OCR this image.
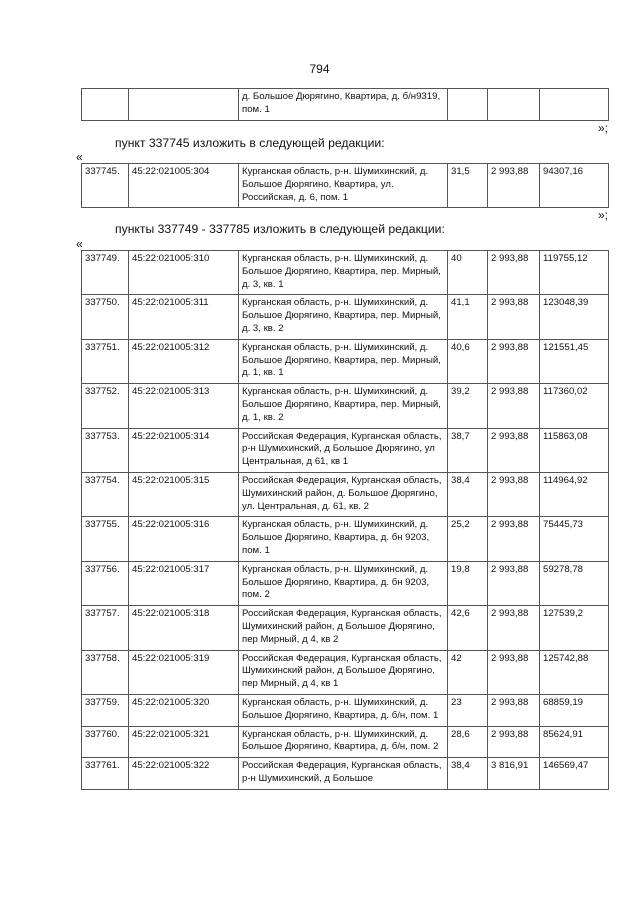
794
		д. Большое Дюрягино, Квартира, д. б/н9319, пом. 1			
»;
пункт 337745 изложить в следующей редакции:
«
337745.	45:22:021005:304	Курганская область, р-н. Шумихинский, д. Большое Дюрягино, Квартира, ул. Российская, д. 6, пом. 1	31,5	2 993,88	94307,16
»;
пункты 337749 - 337785 изложить в следующей редакции:
«
337749.	45:22:021005:310	Курганская область, р-н. Шумихинский, д. Большое Дюрягино, Квартира, пер. Мирный, д. 3, кв. 1	40	2 993,88	119755,12
337750.	45:22:021005:311	Курганская область, р-н. Шумихинский, д. Большое Дюрягино, Квартира, пер. Мирный, д. 3, кв. 2	41,1	2 993,88	123048,39
337751.	45:22:021005:312	Курганская область, р-н. Шумихинский, д. Большое Дюрягино, Квартира, пер. Мирный, д. 1, кв. 1	40,6	2 993,88	121551,45
337752.	45:22:021005:313	Курганская область, р-н. Шумихинский, д. Большое Дюрягино, Квартира, пер. Мирный, д. 1, кв. 2	39,2	2 993,88	117360,02
337753.	45:22:021005:314	Российская Федерация, Курганская область, р-н Шумихинский, д Большое Дюрягино, ул Центральная, д 61, кв 1	38,7	2 993,88	115863,08
337754.	45:22:021005:315	Российская Федерация, Курганская область, Шумихинский район, д. Большое Дюрягино, ул. Центральная, д. 61, кв. 2	38,4	2 993,88	114964,92
337755.	45:22:021005:316	Курганская область, р-н. Шумихинский, д. Большое Дюрягино, Квартира, д. бн 9203, пом. 1	25,2	2 993,88	75445,73
337756.	45:22:021005:317	Курганская область, р-н. Шумихинский, д. Большое Дюрягино, Квартира, д. бн 9203, пом. 2	19,8	2 993,88	59278,78
337757.	45:22:021005:318	Российская Федерация, Курганская область, Шумихинский район, д Большое Дюрягино, пер Мирный, д 4, кв 2	42,6	2 993,88	127539,2
337758.	45:22:021005:319	Российская Федерация, Курганская область, Шумихинский район, д Большое Дюрягино, пер Мирный, д 4, кв 1	42	2 993,88	125742,88
337759.	45:22:021005:320	Курганская область, р-н. Шумихинский, д. Большое Дюрягино, Квартира, д. б/н, пом. 1	23	2 993,88	68859,19
337760.	45:22:021005:321	Курганская область, р-н. Шумихинский, д. Большое Дюрягино, Квартира, д. б/н, пом. 2	28,6	2 993,88	85624,91
337761.	45:22:021005:322	Российская Федерация, Курганская область, р-н Шумихинский, д Большое	38,4	3 816,91	146569,47
